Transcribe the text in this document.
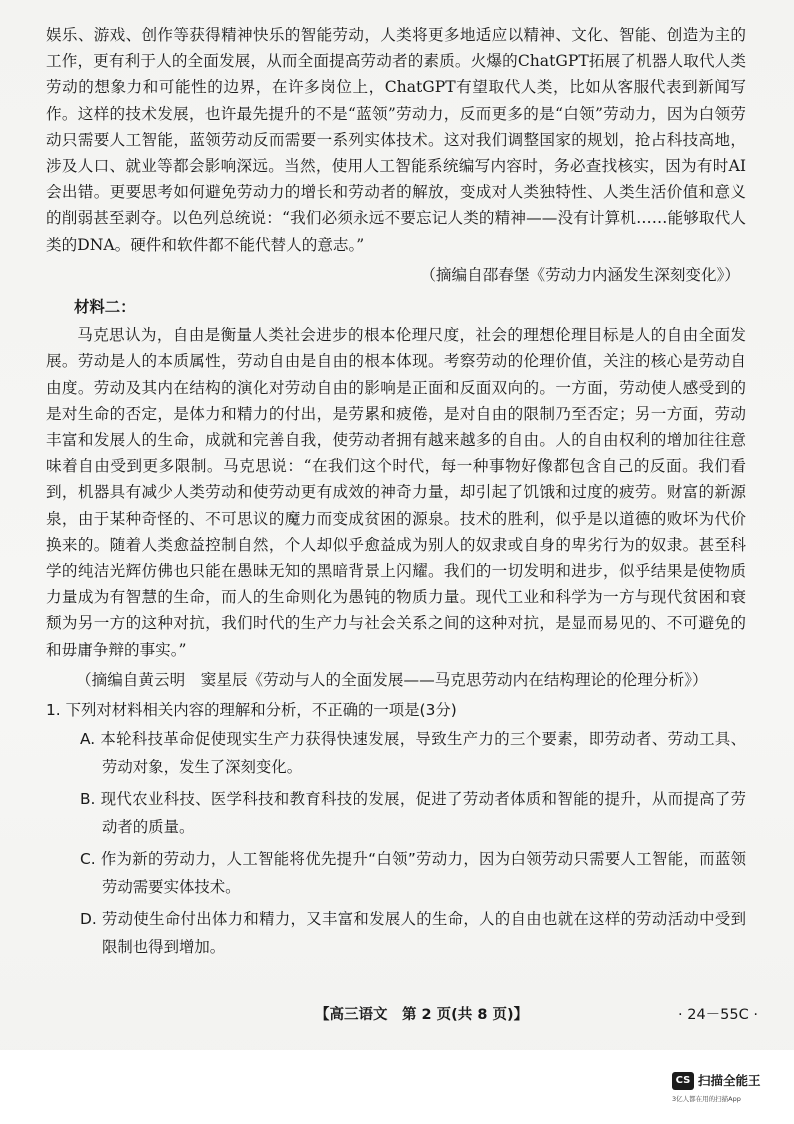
娱乐、游戏、创作等获得精神快乐的智能劳动，人类将更多地适应以精神、文化、智能、创造为主的工作，更有利于人的全面发展，从而全面提高劳动者的素质。火爆的ChatGPT拓展了机器人取代人类劳动的想象力和可能性的边界，在许多岗位上，ChatGPT有望取代人类，比如从客服代表到新闻写作。这样的技术发展，也许最先提升的不是“蓝领”劳动力，反而更多的是“白领”劳动力，因为白领劳动只需要人工智能，蓝领劳动反而需要一系列实体技术。这对我们调整国家的规划，抢占科技高地，涉及人口、就业等都会影响深远。当然，使用人工智能系统编写内容时，务必查找核实，因为有时AI会出错。更要思考如何避免劳动力的增长和劳动者的解放，变成对人类独特性、人类生活价值和意义的削弱甚至剥夺。以色列总统说：“我们必须永远不要忘记人类的精神——没有计算机……能够取代人类的DNA。硬件和软件都不能代替人的意志。”

（摘编自邵春堡《劳动力内涵发生深刻变化》）

材料二：

马克思认为，自由是衡量人类社会进步的根本伦理尺度，社会的理想伦理目标是人的自由全面发展。劳动是人的本质属性，劳动自由是自由的根本体现。考察劳动的伦理价值，关注的核心是劳动自由度。劳动及其内在结构的演化对劳动自由的影响是正面和反面双向的。一方面，劳动使人感受到的是对生命的否定，是体力和精力的付出，是劳累和疲倦，是对自由的限制乃至否定；另一方面，劳动丰富和发展人的生命，成就和完善自我，使劳动者拥有越来越多的自由。人的自由权利的增加往往意味着自由受到更多限制。马克思说：“在我们这个时代，每一种事物好像都包含自己的反面。我们看到，机器具有减少人类劳动和使劳动更有成效的神奇力量，却引起了饥饿和过度的疲劳。财富的新源泉，由于某种奇怪的、不可思议的魔力而变成贫困的源泉。技术的胜利，似乎是以道德的败坏为代价换来的。随着人类愈益控制自然，个人却似乎愈益成为别人的奴隶或自身的卑劣行为的奴隶。甚至科学的纯洁光辉仿佛也只能在愚昧无知的黑暗背景上闪耀。我们的一切发明和进步，似乎结果是使物质力量成为有智慧的生命，而人的生命则化为愚钝的物质力量。现代工业和科学为一方与现代贫困和衰颓为另一方的这种对抗，我们时代的生产力与社会关系之间的这种对抗，是显而易见的、不可避免的和毋庸争辩的事实。”

（摘编自黄云明　窦星辰《劳动与人的全面发展——马克思劳动内在结构理论的伦理分析》）

1. 下列对材料相关内容的理解和分析，不正确的一项是(3分)

A. 本轮科技革命促使现实生产力获得快速发展，导致生产力的三个要素，即劳动者、劳动工具、劳动对象，发生了深刻变化。

B. 现代农业科技、医学科技和教育科技的发展，促进了劳动者体质和智能的提升，从而提高了劳动者的质量。

C. 作为新的劳动力，人工智能将优先提升“白领”劳动力，因为白领劳动只需要人工智能，而蓝领劳动需要实体技术。

D. 劳动使生命付出体力和精力，又丰富和发展人的生命，人的自由也就在这样的劳动活动中受到限制也得到增加。

【高三语文　第 2 页(共 8 页)】	· 24－55C ·
CS 扫描全能王
3亿人都在用的扫描App
